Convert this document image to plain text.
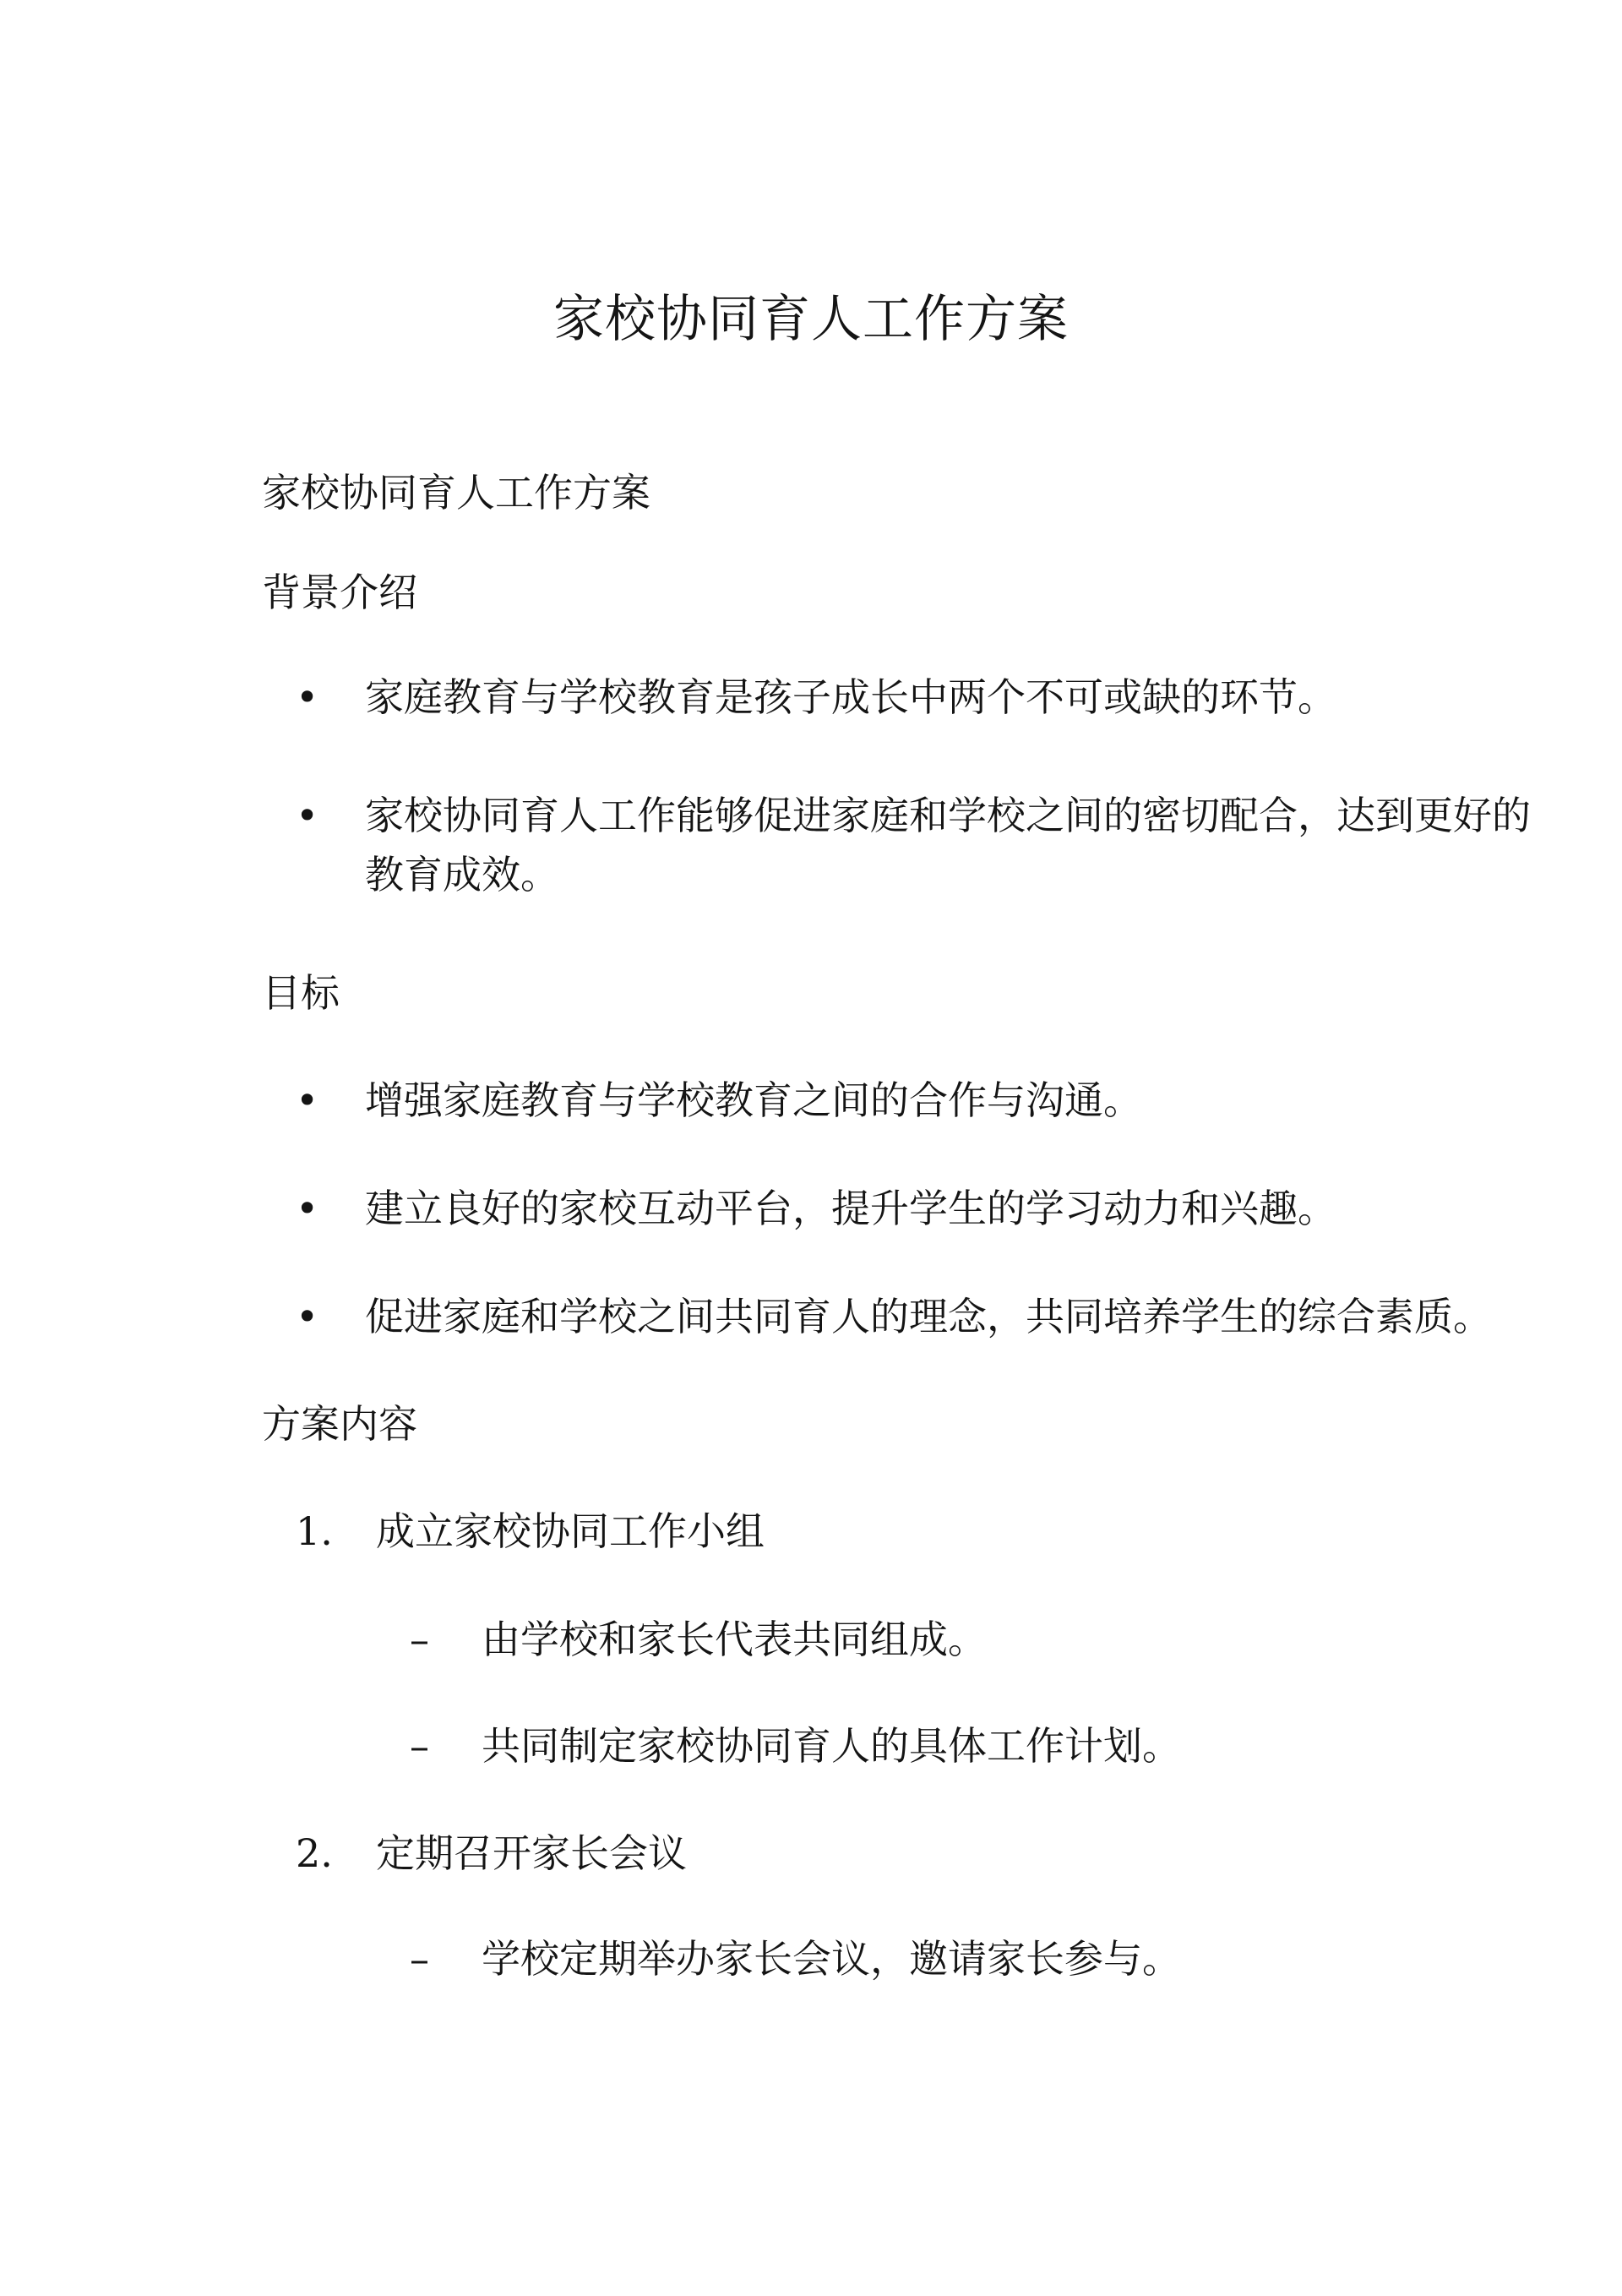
家校协同育人工作方案
家校协同育人工作方案
背景介绍
• 家庭教育与学校教育是孩子成长中两个不可或缺的环节。
• 家校协同育人工作能够促进家庭和学校之间的密切配合，达到更好的教育成效。
目标
• 增强家庭教育与学校教育之间的合作与沟通。
• 建立良好的家校互动平台，提升学生的学习动力和兴趣。
• 促进家庭和学校之间共同育人的理念，共同培养学生的综合素质。
方案内容
1. 成立家校协同工作小组
– 由学校和家长代表共同组成。
– 共同制定家校协同育人的具体工作计划。
2. 定期召开家长会议
– 学校定期举办家长会议，邀请家长参与。
